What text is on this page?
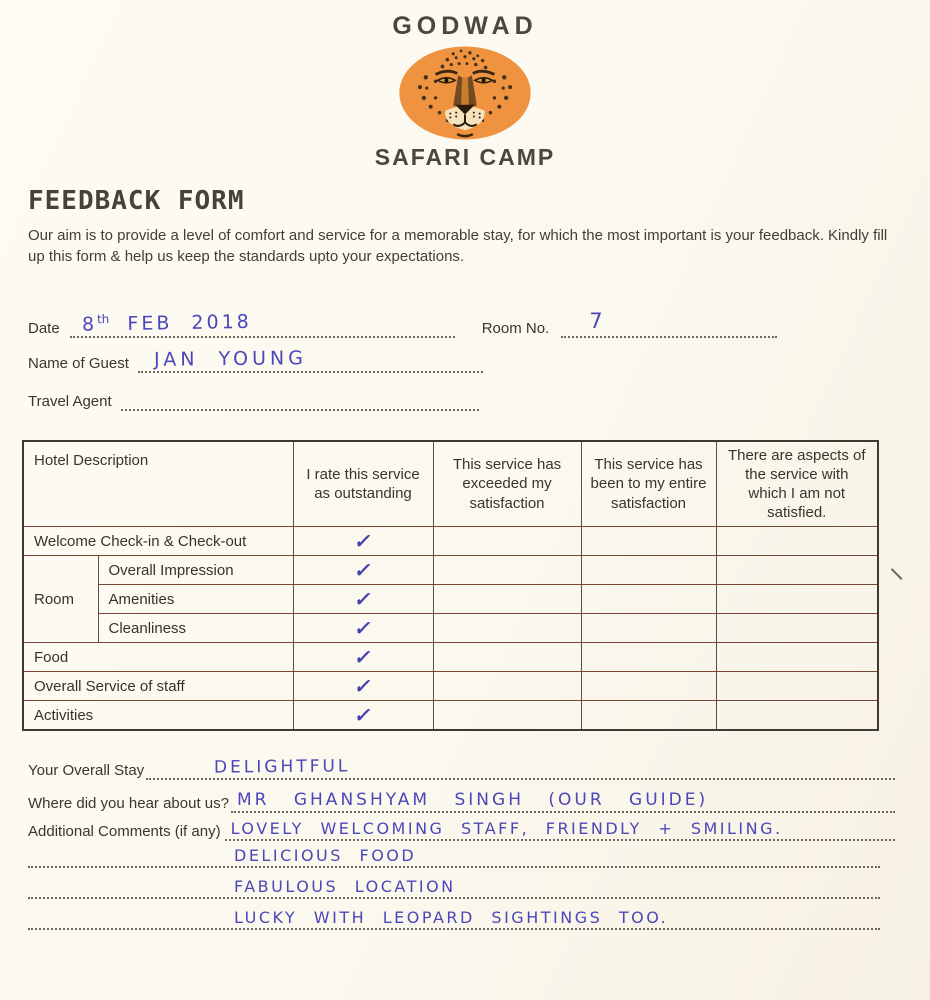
GODWAD
SAFARI CAMP
FEEDBACK FORM

Our aim is to provide a level of comfort and service for a memorable stay, for which the most important is your feedback. Kindly fill up this form & help us keep the standards upto your expectations.

Date 8th FEB 2018	Room No. 7
Name of Guest JAN YOUNG
Travel Agent
Hotel Description		I rate this service as outstanding	This service has exceeded my satisfaction	This service has been to my entire satisfaction	There are aspects of the service with which I am not satisfied.
Welcome Check-in & Check-out		✓			
Room	Overall Impression	✓			
	Amenities	✓			
	Cleanliness	✓			
Food		✓			
Overall Service of staff		✓			
Activities		✓			
Your Overall Stay	DELIGHTFUL
Where did you hear about us? MR GHANSHYAM SINGH (OUR GUIDE)
Additional Comments (if any) LOVELY WELCOMING STAFF, FRIENDLY + SMILING.
DELICIOUS FOOD
FABULOUS LOCATION
LUCKY WITH LEOPARD SIGHTINGS TOO.
